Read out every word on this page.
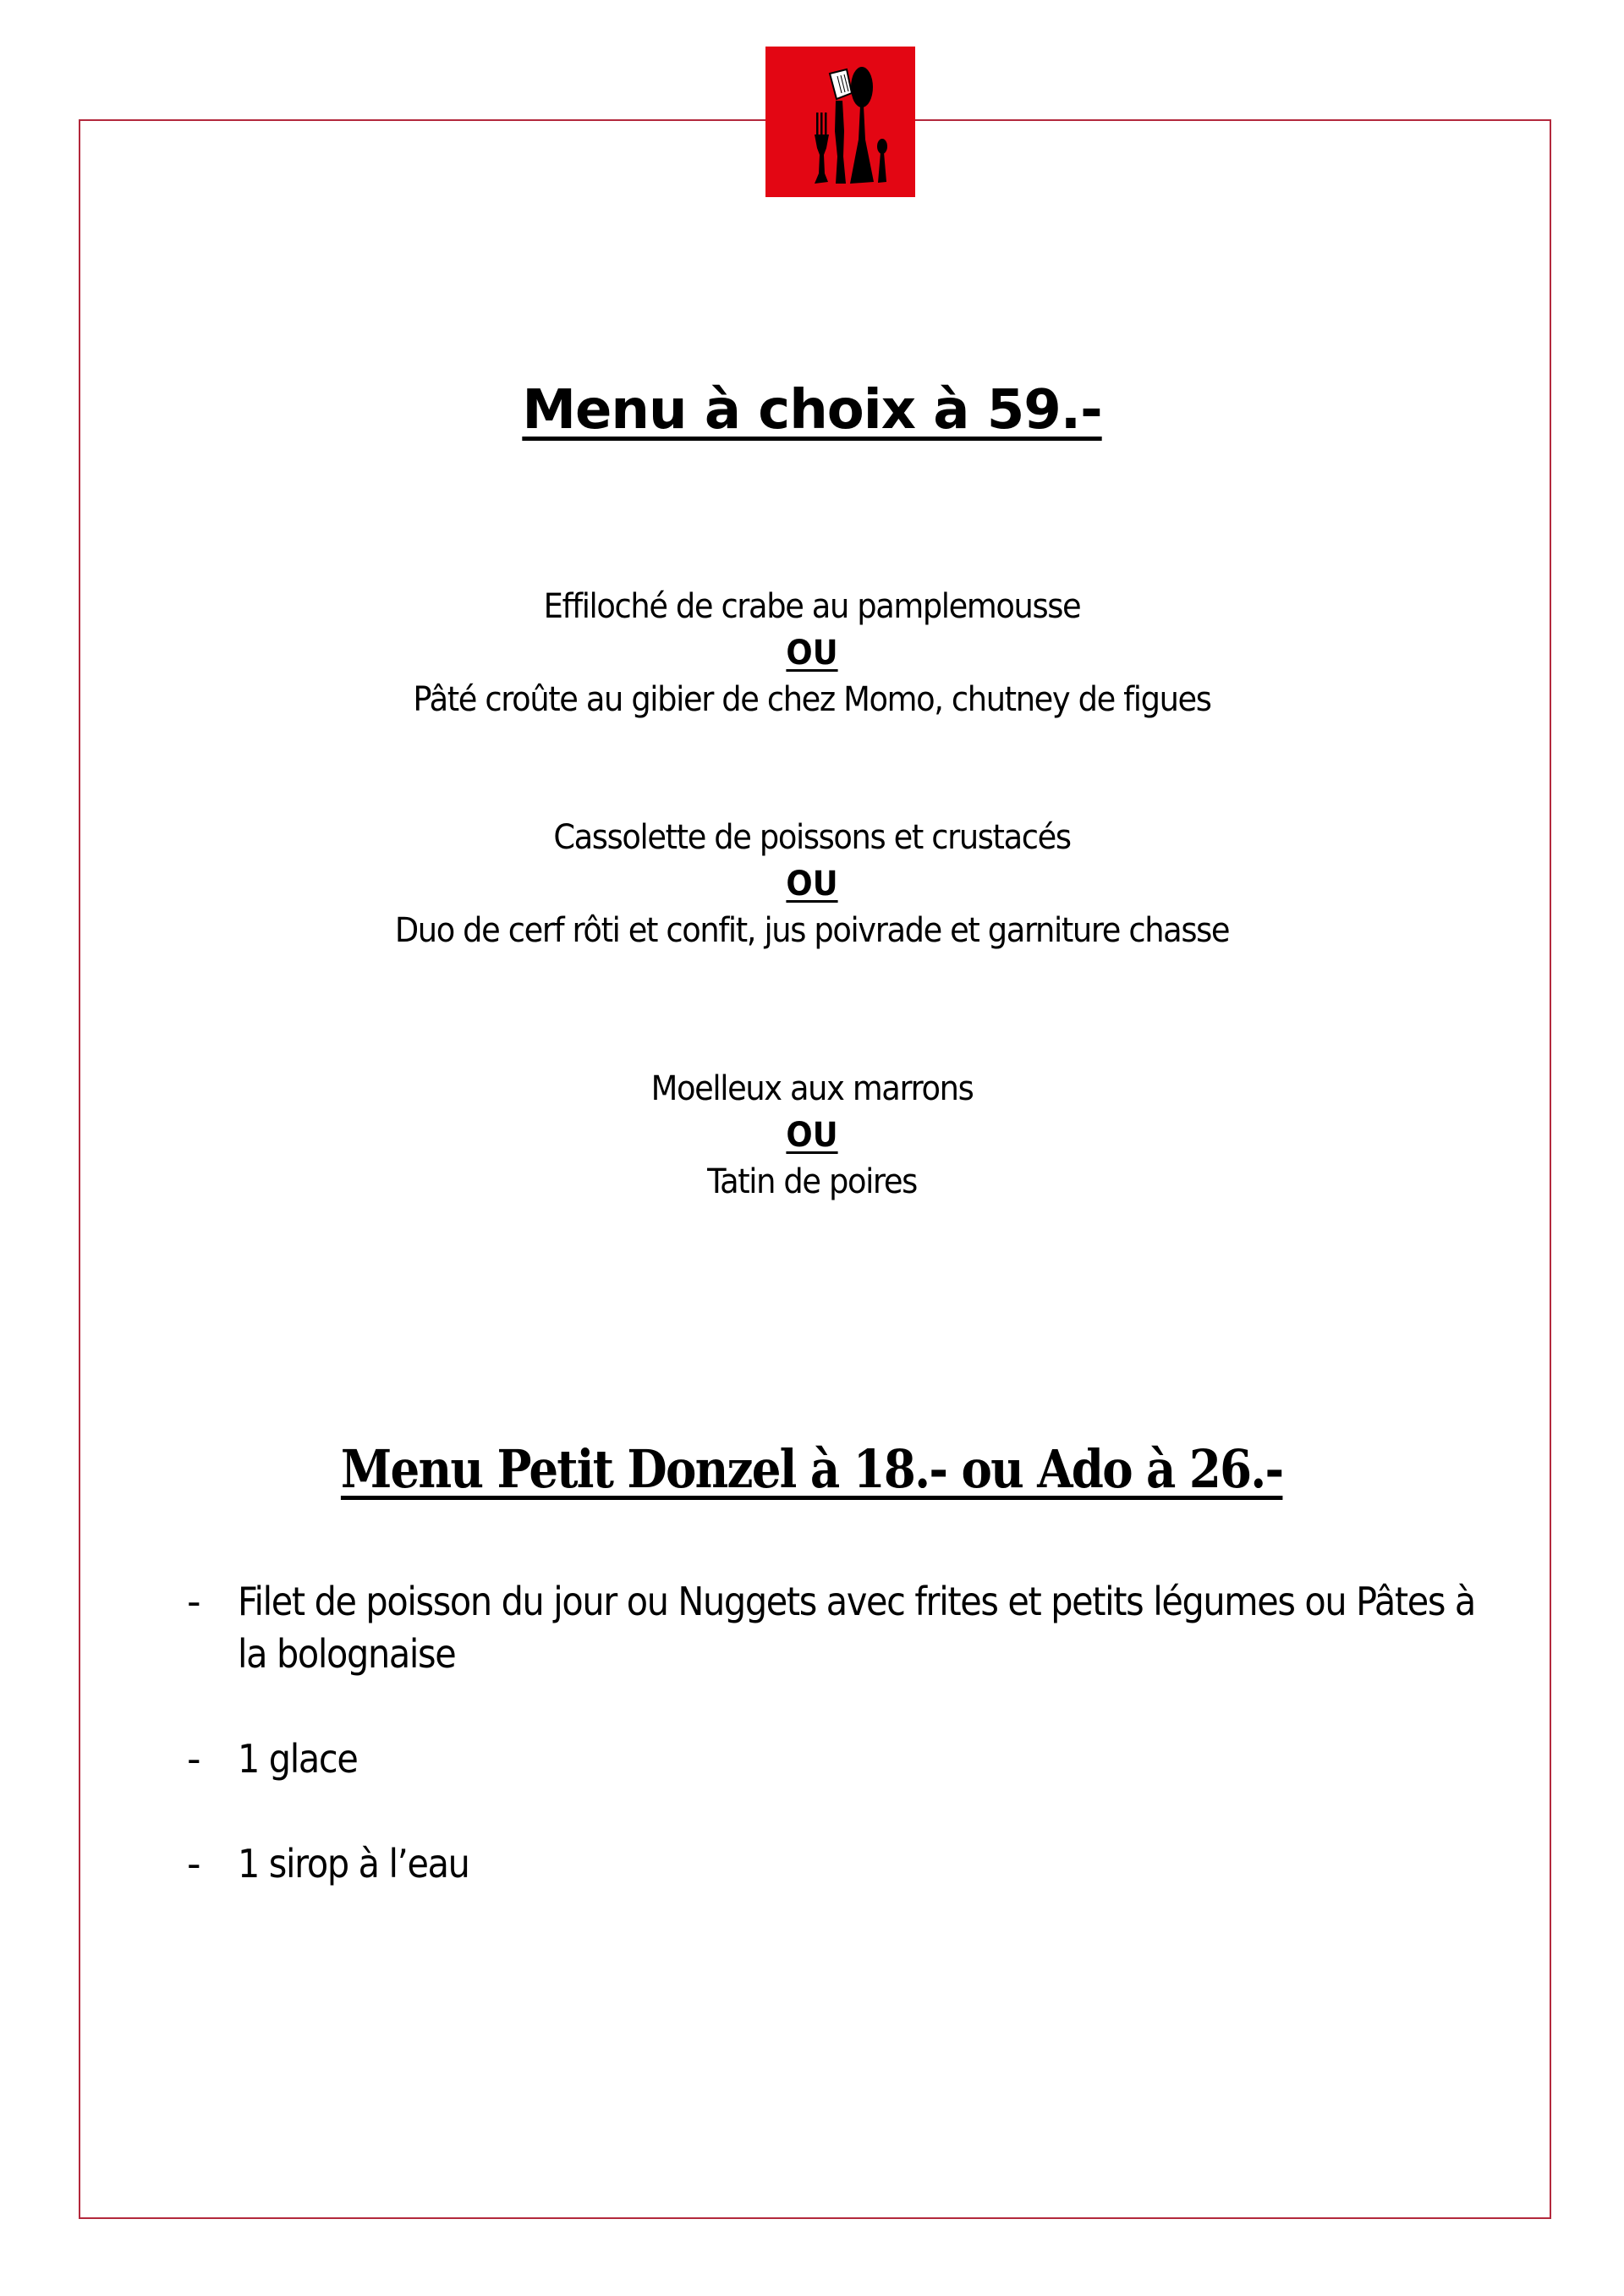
Menu à choix à 59.-
Effiloché de crabe au pamplemousse
OU
Pâté croûte au gibier de chez Momo, chutney de figues
Cassolette de poissons et crustacés
OU
Duo de cerf rôti et confit, jus poivrade et garniture chasse
Moelleux aux marrons
OU
Tatin de poires
Menu Petit Donzel à 18.- ou Ado à 26.-
- Filet de poisson du jour ou Nuggets avec frites et petits légumes ou Pâtes à la bolognaise
- 1 glace
- 1 sirop à l’eau
